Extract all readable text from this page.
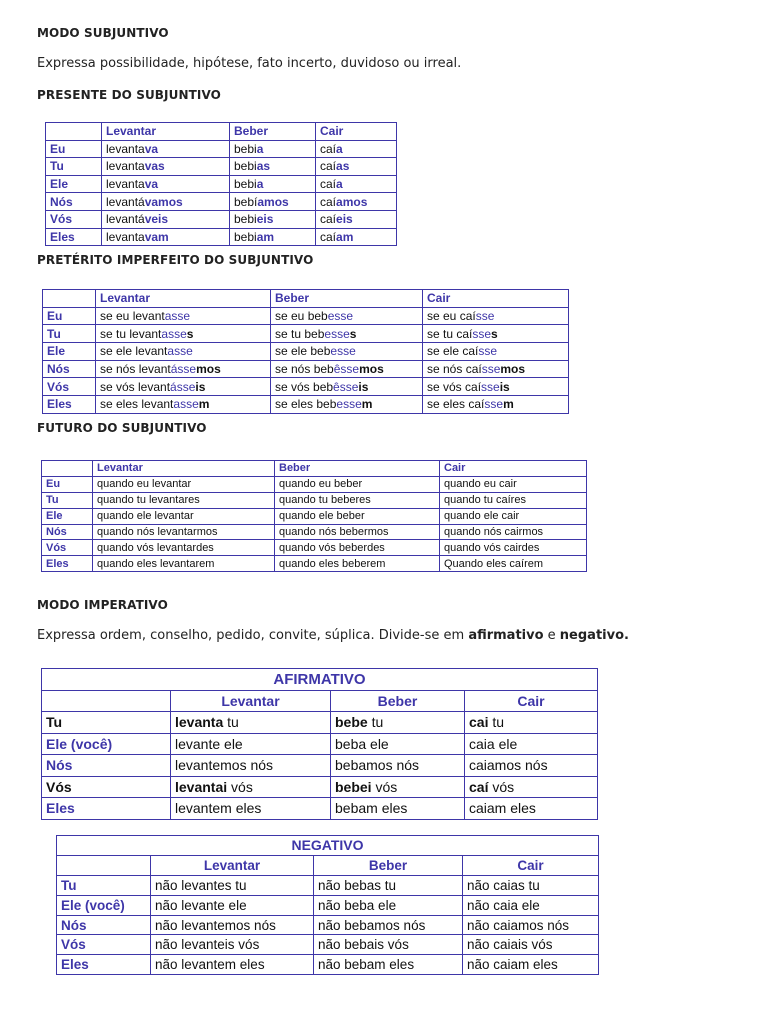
MODO SUBJUNTIVO
Expressa possibilidade, hipótese, fato incerto, duvidoso ou irreal.
PRESENTE DO SUBJUNTIVO
	Levantar	Beber	Cair
Eu	levantava	bebia	caía
Tu	levantavas	bebias	caías
Ele	levantava	bebia	caía
Nós	levantávamos	bebíamos	caíamos
Vós	levantáveis	bebieis	caíeis
Eles	levantavam	bebiam	caíam
PRETÉRITO IMPERFEITO DO SUBJUNTIVO
	Levantar	Beber	Cair
Eu	se eu levantasse	se eu bebesse	se eu caísse
Tu	se tu levantasses	se tu bebesses	se tu caísses
Ele	se ele levantasse	se ele bebesse	se ele caísse
Nós	se nós levantássemos	se nós bebêssemos	se nós caíssemos
Vós	se vós levantásseis	se vós bebêsseis	se vós caísseis
Eles	se eles levantassem	se eles bebessem	se eles caíssem
FUTURO DO SUBJUNTIVO
	Levantar	Beber	Cair
Eu	quando eu levantar	quando eu beber	quando eu cair
Tu	quando tu levantares	quando tu beberes	quando tu caíres
Ele	quando ele levantar	quando ele beber	quando ele cair
Nós	quando nós levantarmos	quando nós bebermos	quando nós cairmos
Vós	quando vós levantardes	quando vós beberdes	quando vós cairdes
Eles	quando eles levantarem	quando eles beberem	Quando eles caírem
MODO IMPERATIVO
Expressa ordem, conselho, pedido, convite, súplica. Divide-se em afirmativo e negativo.
AFIRMATIVO			
	Levantar	Beber	Cair
Tu	levanta tu	bebe tu	cai tu
Ele (você)	levante ele	beba ele	caia ele
Nós	levantemos nós	bebamos nós	caiamos nós
Vós	levantai vós	bebei vós	caí vós
Eles	levantem eles	bebam eles	caiam eles
NEGATIVO			
	Levantar	Beber	Cair
Tu	não levantes tu	não bebas tu	não caias tu
Ele (você)	não levante ele	não beba ele	não caia ele
Nós	não levantemos nós	não bebamos nós	não caiamos nós
Vós	não levanteis vós	não bebais vós	não caiais vós
Eles	não levantem eles	não bebam eles	não caiam eles
